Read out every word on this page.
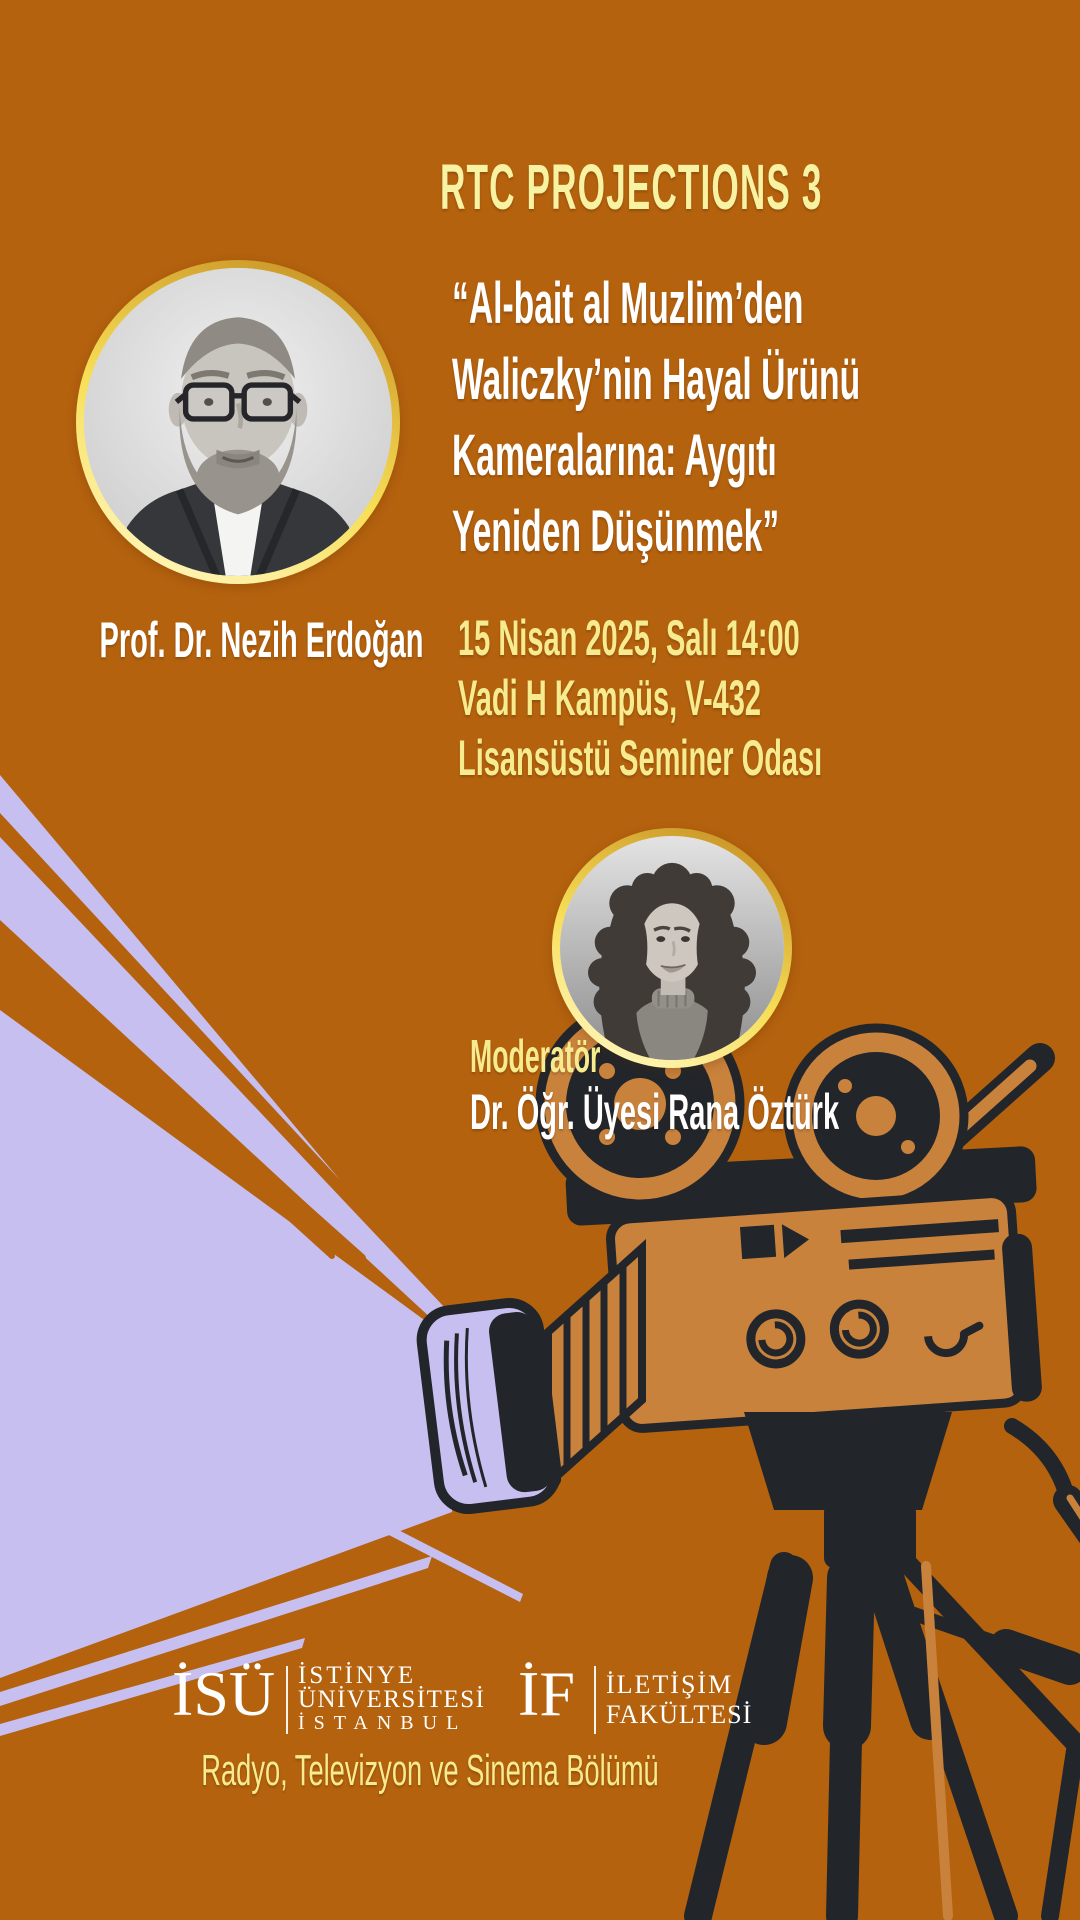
RTC PROJECTIONS 3
Prof. Dr. Nezih Erdoğan
“Al-bait al Muzlim’den
Waliczky’nin Hayal Ürünü
Kameralarına: Aygıtı
Yeniden Düşünmek”
15 Nisan 2025, Salı 14:00
Vadi H Kampüs, V-432
Lisansüstü Seminer Odası
Moderatör
Dr. Öğr. Üyesi Rana Öztürk
İSÜ İSTİNYE
ÜNİVERSİTESİ
İSTANBUL İF İLETİŞİM
FAKÜLTESİ
Radyo, Televizyon ve Sinema Bölümü
